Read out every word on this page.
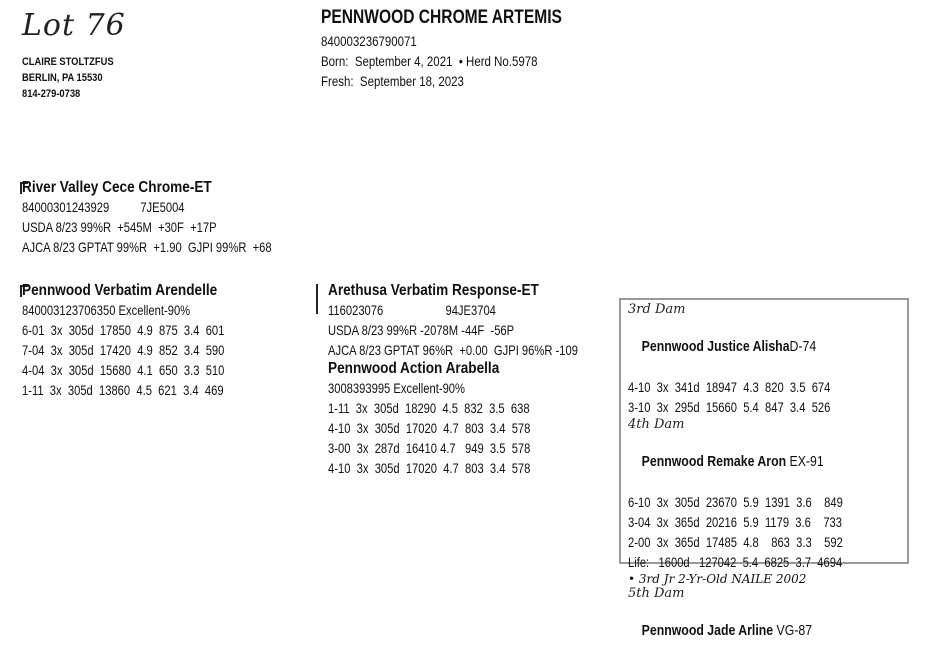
Lot 76
CLAIRE STOLTZFUS
BERLIN, PA 15530
814-279-0738
PENNWOOD CHROME ARTEMIS
840003236790071
Born:  September 4, 2021  • Herd No.5978
Fresh:  September 18, 2023
River Valley Cece Chrome-ET
84000301243929          7JE5004
USDA 8/23 99%R  +545M  +30F  +17P
AJCA 8/23 GPTAT 99%R  +1.90  GJPI 99%R  +68
Pennwood Verbatim Arendelle
840003123706350 Excellent-90%
6-01  3x  305d  17850  4.9  875  3.4  601
7-04  3x  305d  17420  4.9  852  3.4  590
4-04  3x  305d  15680  4.1  650  3.3  510
1-11  3x  305d  13860  4.5  621  3.4  469
Arethusa Verbatim Response-ET
116023076                    94JE3704
USDA 8/23 99%R -2078M -44F  -56P
AJCA 8/23 GPTAT 96%R  +0.00  GJPI 96%R -109
Pennwood Action Arabella
3008393995 Excellent-90%
1-11  3x  305d  18290  4.5  832  3.5  638
4-10  3x  305d  17020  4.7  803  3.4  578
3-00  3x  287d  16410 4.7   949  3.5  578
4-10  3x  305d  17020  4.7  803  3.4  578
3rd Dam

Pennwood Justice AlishaD-74

4-10  3x  341d  18947  4.3  820  3.5  674
3-10  3x  295d  15660  5.4  847  3.4  526
4th Dam

Pennwood Remake Aron EX-91

6-10  3x  305d  23670  5.9  1391  3.6    849
3-04  3x  365d  20216  5.9  1179  3.6    733
2-00  3x  365d  17485  4.8    863  3.3    592
Life:   1600d   127042  5.4  6825  3.7  4694
• 3rd Jr 2-Yr-Old NAILE 2002
5th Dam

Pennwood Jade Arline VG-87
